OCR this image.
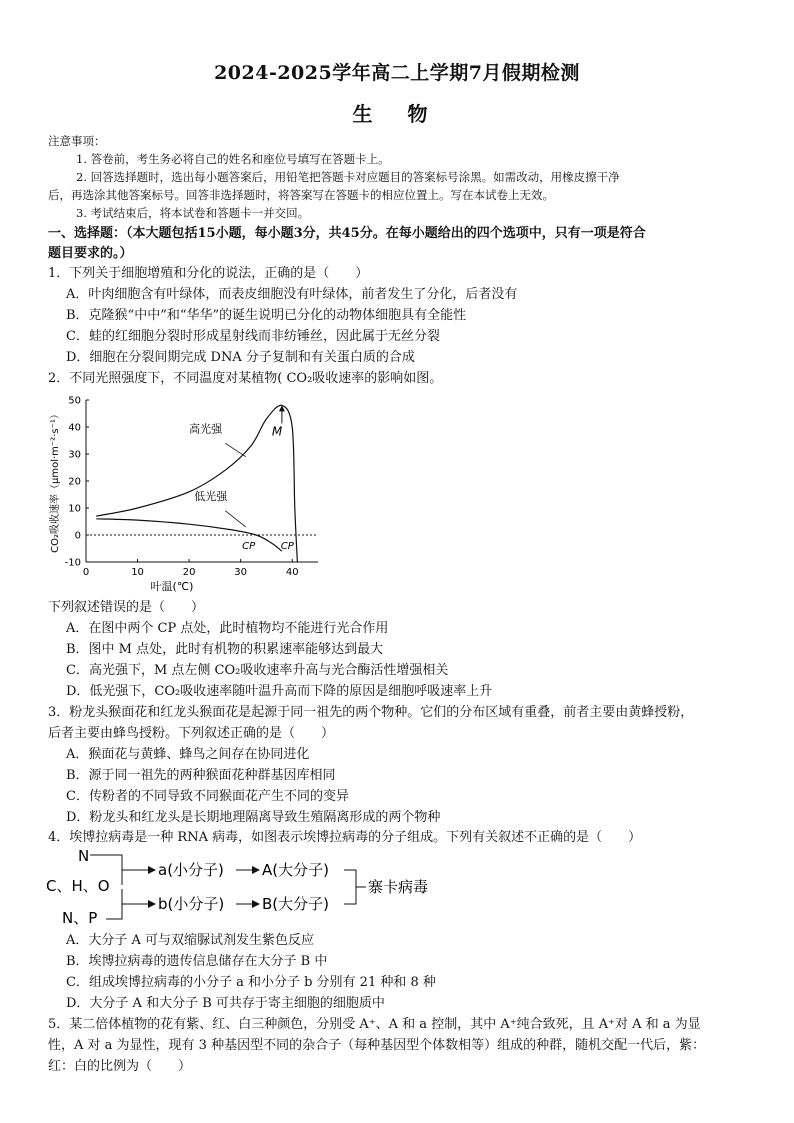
2024-2025学年高二上学期7月假期检测
生 物
注意事项：
1. 答卷前，考生务必将自己的姓名和座位号填写在答题卡上。
2. 回答选择题时，选出每小题答案后，用铅笔把答题卡对应题目的答案标号涂黑。如需改动，用橡皮擦干净
后，再选涂其他答案标号。回答非选择题时，将答案写在答题卡的相应位置上。写在本试卷上无效。
3. 考试结束后，将本试卷和答题卡一并交回。
一、选择题：（本大题包括15小题，每小题3分，共45分。在每小题给出的四个选项中，只有一项是符合
题目要求的。）
1．下列关于细胞增殖和分化的说法，正确的是（　　）
A．叶肉细胞含有叶绿体，而表皮细胞没有叶绿体，前者发生了分化，后者没有
B．克隆猴“中中”和“华华”的诞生说明已分化的动物体细胞具有全能性
C．蛙的红细胞分裂时形成星射线而非纺锤丝，因此属于无丝分裂
D．细胞在分裂间期完成 DNA 分子复制和有关蛋白质的合成
2．不同光照强度下，不同温度对某植物( CO₂吸收速率的影响如图。
-10
0
10
20
30
40
50
0	10	20	30	40
叶温(℃)
CO₂吸收速率（μmol·m⁻²·s⁻¹）	高光强
低光强
M
CP	CP
下列叙述错误的是（　　）
A．在图中两个 CP 点处，此时植物均不能进行光合作用
B．图中 M 点处，此时有机物的积累速率能够达到最大
C．高光强下，M 点左侧 CO₂吸收速率升高与光合酶活性增强相关
D．低光强下，CO₂吸收速率随叶温升高而下降的原因是细胞呼吸速率上升
3．粉龙头猴面花和红龙头猴面花是起源于同一祖先的两个物种。它们的分布区域有重叠，前者主要由黄蜂授粉，
后者主要由蜂鸟授粉。下列叙述正确的是（　　）
A．猴面花与黄蜂、蜂鸟之间存在协同进化
B．源于同一祖先的两种猴面花种群基因库相同
C．传粉者的不同导致不同猴面花产生不同的变异
D．粉龙头和红龙头是长期地理隔离导致生殖隔离形成的两个物种
4．埃博拉病毒是一种 RNA 病毒，如图表示埃博拉病毒的分子组成。下列有关叙述不正确的是（　　）
N
C、H、O
N、P
a(小分子)
b(小分子)
A(大分子)
B(大分子)
寨卡病毒
A．大分子 A 可与双缩脲试剂发生紫色反应
B．埃博拉病毒的遗传信息储存在大分子 B 中
C．组成埃博拉病毒的小分子 a 和小分子 b 分别有 21 种和 8 种
D．大分子 A 和大分子 B 可共存于寄主细胞的细胞质中
5．某二倍体植物的花有紫、红、白三种颜色，分别受 A⁺、A 和 a 控制，其中 A⁺纯合致死，且 A⁺对 A 和 a 为显
性，A 对 a 为显性，现有 3 种基因型不同的杂合子（每种基因型个体数相等）组成的种群，随机交配一代后，紫：
红：白的比例为（　　）
